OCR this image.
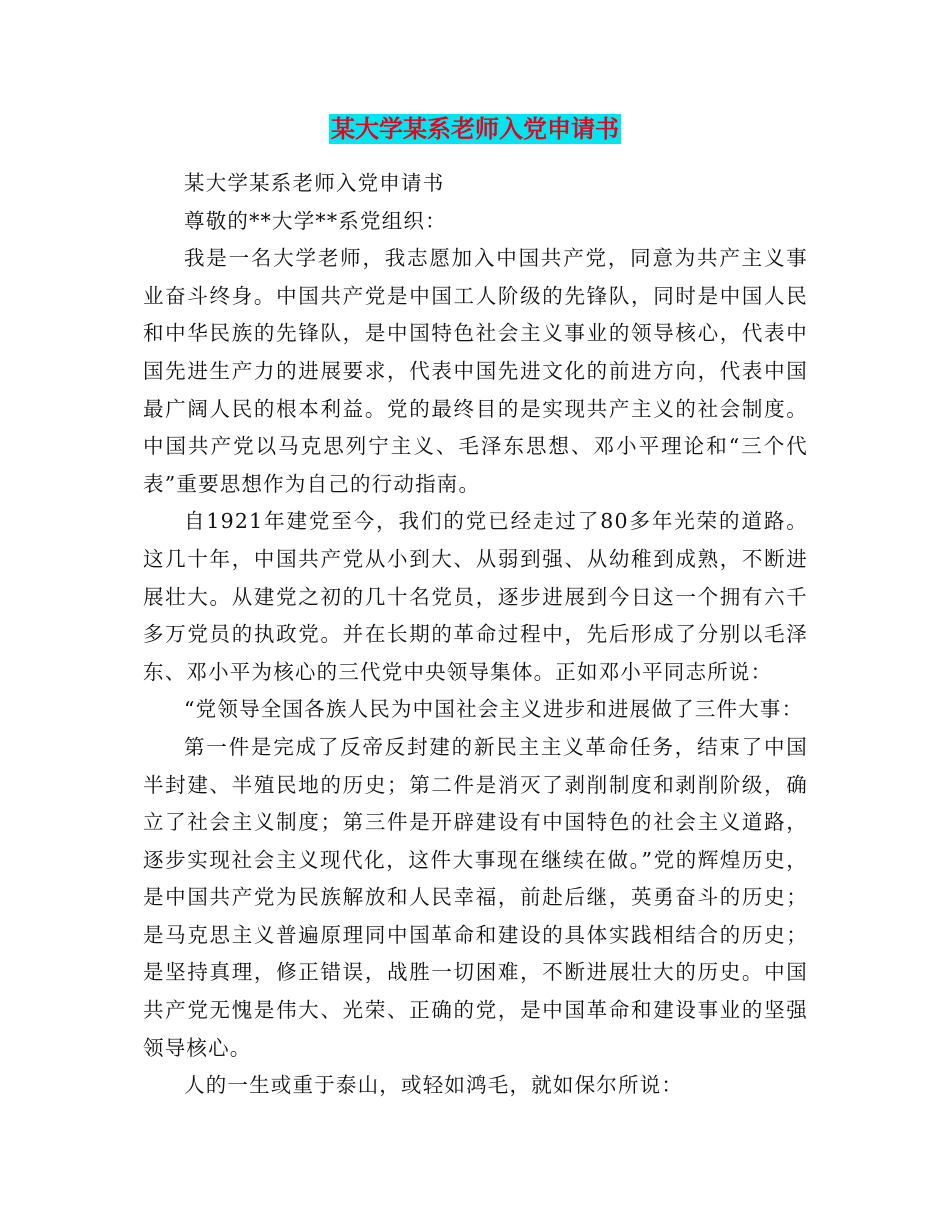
某大学某系老师入党申请书

某大学某系老师入党申请书

尊敬的**大学**系党组织：

我是一名大学老师，我志愿加入中国共产党，同意为共产主义事业奋斗终身。中国共产党是中国工人阶级的先锋队，同时是中国人民和中华民族的先锋队，是中国特色社会主义事业的领导核心，代表中国先进生产力的进展要求，代表中国先进文化的前进方向，代表中国最广阔人民的根本利益。党的最终目的是实现共产主义的社会制度。中国共产党以马克思列宁主义、毛泽东思想、邓小平理论和“三个代表”重要思想作为自己的行动指南。

自1921年建党至今，我们的党已经走过了80多年光荣的道路。这几十年，中国共产党从小到大、从弱到强、从幼稚到成熟，不断进展壮大。从建党之初的几十名党员，逐步进展到今日这一个拥有六千多万党员的执政党。并在长期的革命过程中，先后形成了分别以毛泽东、邓小平为核心的三代党中央领导集体。正如邓小平同志所说：

“党领导全国各族人民为中国社会主义进步和进展做了三件大事：

第一件是完成了反帝反封建的新民主主义革命任务，结束了中国半封建、半殖民地的历史；第二件是消灭了剥削制度和剥削阶级，确立了社会主义制度；第三件是开辟建设有中国特色的社会主义道路，逐步实现社会主义现代化，这件大事现在继续在做。”党的辉煌历史，是中国共产党为民族解放和人民幸福，前赴后继，英勇奋斗的历史；是马克思主义普遍原理同中国革命和建设的具体实践相结合的历史；是坚持真理，修正错误，战胜一切困难，不断进展壮大的历史。中国共产党无愧是伟大、光荣、正确的党，是中国革命和建设事业的坚强领导核心。

人的一生或重于泰山，或轻如鸿毛，就如保尔所说：
